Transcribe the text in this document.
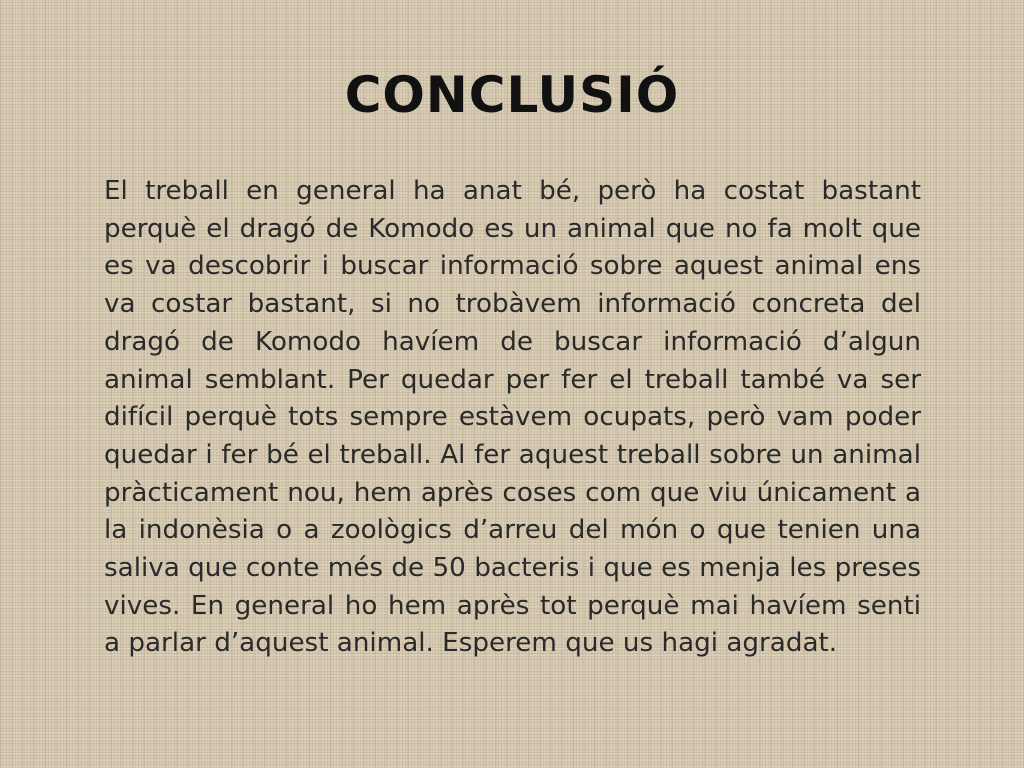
CONCLUSIÓ

El treball en general ha anat bé, però ha costat bastant perquè el dragó de Komodo es un animal que no fa molt que es va descobrir i buscar informació sobre aquest animal ens va costar bastant, si no trobàvem informació concreta del dragó de Komodo havíem de buscar informació d’algun animal semblant. Per quedar per fer el treball també va ser difícil perquè tots sempre estàvem ocupats, però vam poder quedar i fer bé el treball. Al fer aquest treball sobre un animal pràcticament nou, hem après coses com que viu únicament a la indonèsia o a zoològics d’arreu del món o que tenien una saliva que conte més de 50 bacteris i que es menja les preses vives. En general ho hem après tot perquè mai havíem senti a parlar d’aquest animal. Esperem que us hagi agradat.
